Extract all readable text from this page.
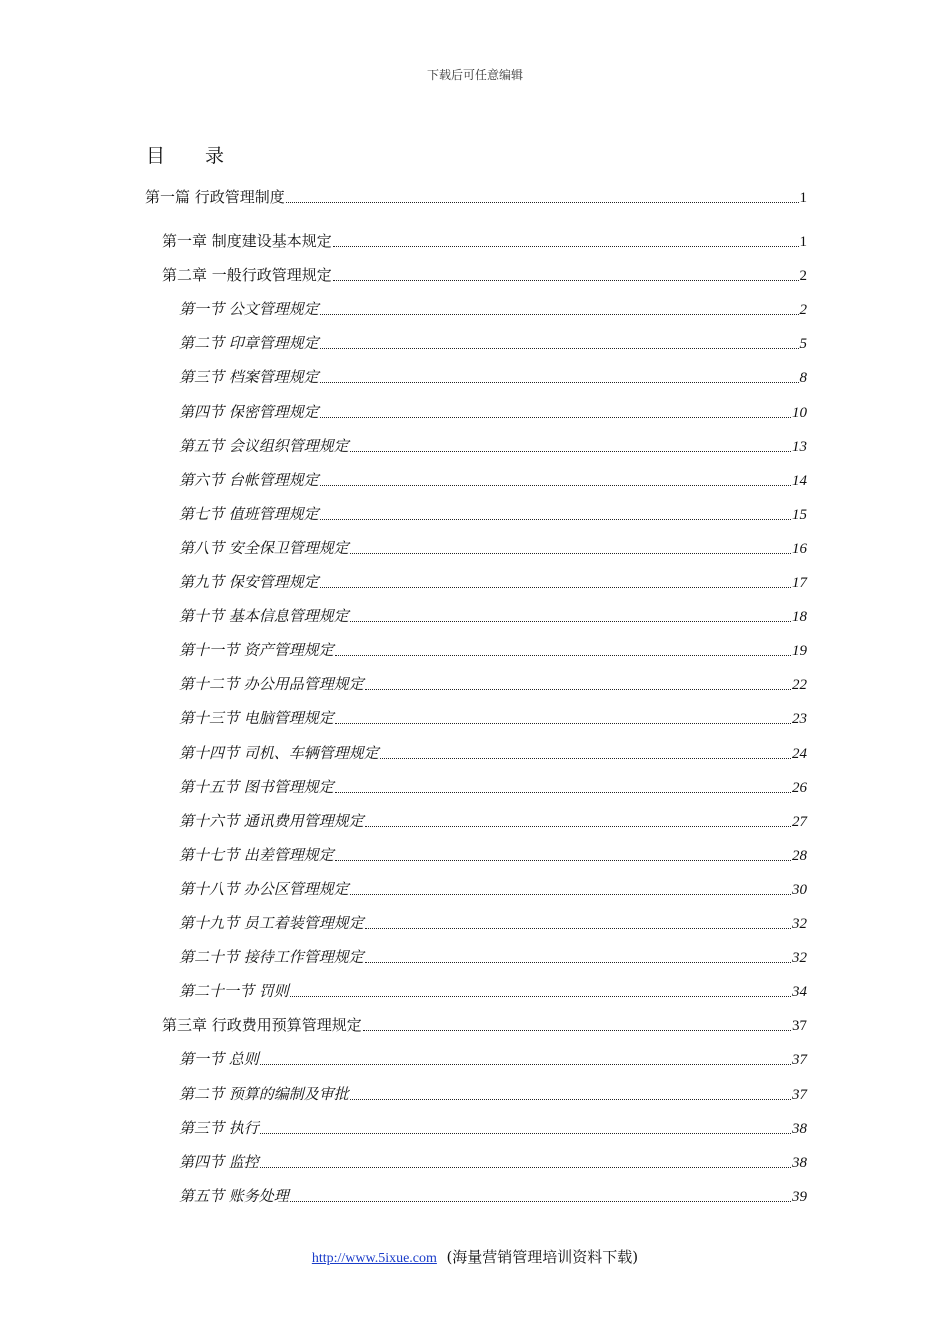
下载后可任意编辑
目 录
第一篇 行政管理制度	1
第一章 制度建设基本规定	1
第二章 一般行政管理规定	2
第一节 公文管理规定	2
第二节 印章管理规定	5
第三节 档案管理规定	8
第四节 保密管理规定	10
第五节 会议组织管理规定	13
第六节 台帐管理规定	14
第七节 值班管理规定	15
第八节 安全保卫管理规定	16
第九节 保安管理规定	17
第十节 基本信息管理规定	18
第十一节 资产管理规定	19
第十二节 办公用品管理规定	22
第十三节 电脑管理规定	23
第十四节 司机、车辆管理规定	24
第十五节 图书管理规定	26
第十六节 通讯费用管理规定	27
第十七节 出差管理规定	28
第十八节 办公区管理规定	30
第十九节 员工着装管理规定	32
第二十节 接待工作管理规定	32
第二十一节 罚则	34
第三章 行政费用预算管理规定	37
第一节 总则	37
第二节 预算的编制及审批	37
第三节 执行	38
第四节 监控	38
第五节 账务处理	39
http://www.5ixue.com (海量营销管理培训资料下载)
